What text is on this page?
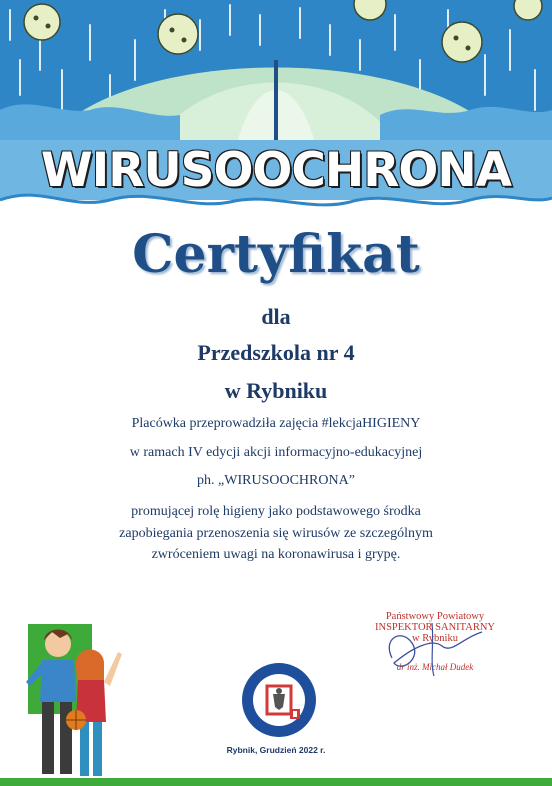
WIRUSOOCHRONA
Certyfikat
dla
Przedszkola nr 4
w Rybniku
Placówka przeprowadziła zajęcia #lekcjaHIGIENY
w ramach IV edycji akcji informacyjno-edukacyjnej
ph. „WIRUSOOCHRONA”
promującej rolę higieny jako podstawowego środka
zapobiegania przenoszenia się wirusów ze szczególnym
zwróceniem uwagi na koronawirusa i grypę.
Państwowy Powiatowy
INSPEKTOR SANITARNY
w Rybniku
dr inż. Michał Dudek
Rybnik, Grudzień 2022 r.
